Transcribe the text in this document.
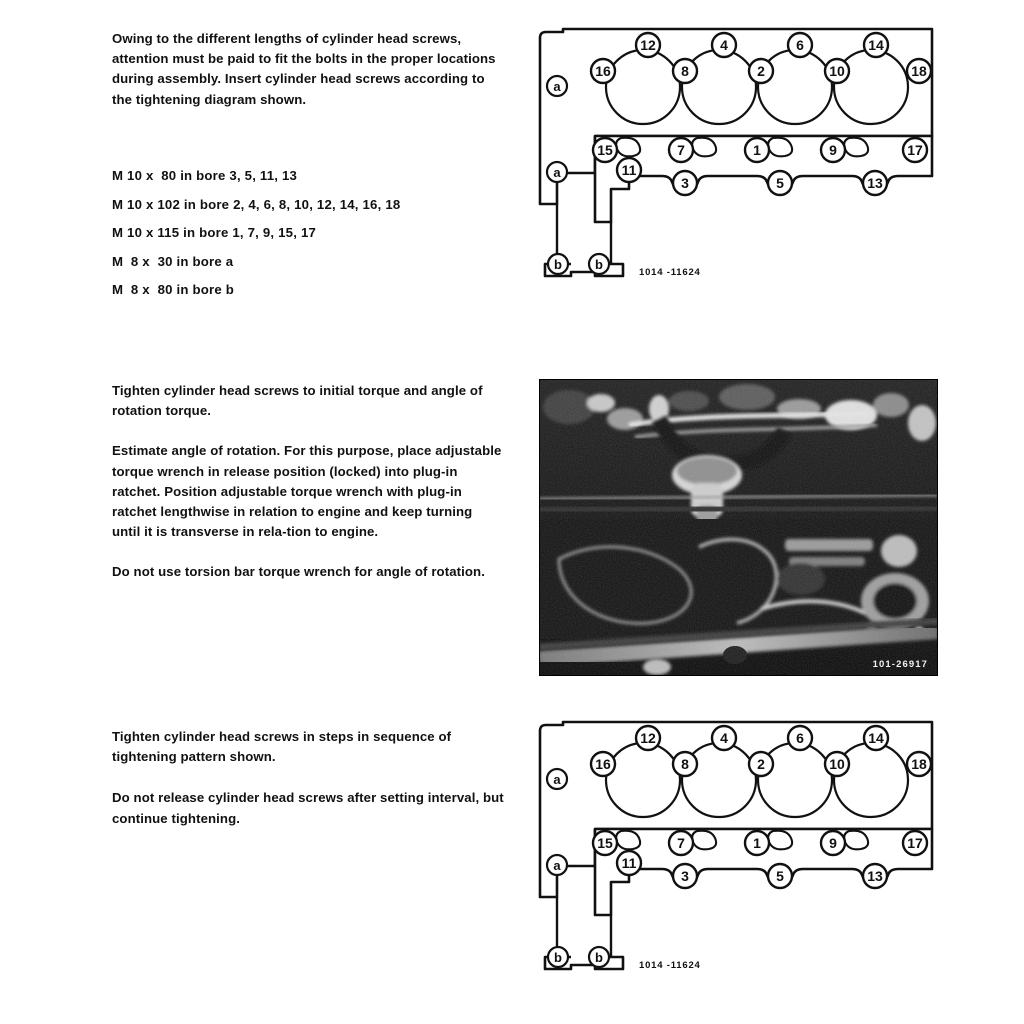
Owing to the different lengths of cylinder head screws, attention must be paid to fit the bolts in the proper locations during assembly. Insert cylinder head screws according to the tightening diagram shown.

M 10 x  80 in bore 3, 5, 11, 13
M 10 x 102 in bore 2, 4, 6, 8, 10, 12, 14, 16, 18
M 10 x 115 in bore 1, 7, 9, 15, 17
M  8 x  30 in bore a
M  8 x  80 in bore b

Tighten cylinder head screws to initial torque and angle of rotation torque.

Estimate angle of rotation. For this purpose, place adjustable torque wrench in release position (locked) into plug-in ratchet. Position adjustable torque wrench with plug-in ratchet lengthwise in relation to engine and keep turning until it is transverse in rela-tion to engine.

Do not use torsion bar torque wrench for angle of rotation.

Tighten cylinder head screws in steps in sequence of tightening pattern shown.

Do not release cylinder head screws after setting interval, but continue tightening.

12	4	6	14
16	8	2	10	18
15	7	1	9	17
11
3	5	13
a
a
b	b
1014 -11624
101-26917
12	4	6	14
16	8	2	10	18
15	7	1	9	17
11
3	5	13
a
a
b	b
1014 -11624
